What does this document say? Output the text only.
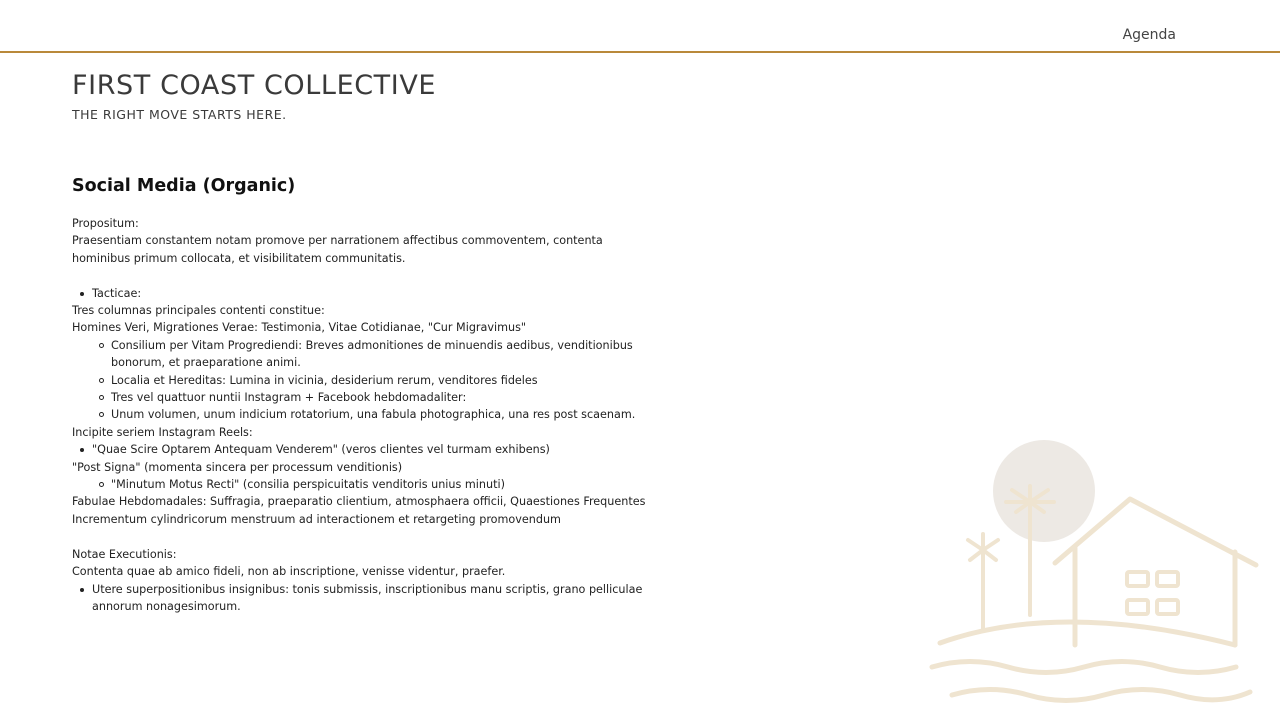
Agenda
FIRST COAST COLLECTIVE

THE RIGHT MOVE STARTS HERE.

Social Media (Organic)

Propositum:

Praesentiam constantem notam promove per narrationem affectibus commoventem, contenta hominibus primum collocata, et visibilitatem communitatis.

Tacticae:

Tres columnas principales contenti constitue:

Homines Veri, Migrationes Verae: Testimonia, Vitae Cotidianae, "Cur Migravimus"

Consilium per Vitam Progrediendi: Breves admonitiones de minuendis aedibus, venditionibus bonorum, et praeparatione animi.
Localia et Hereditas: Lumina in vicinia, desiderium rerum, venditores fideles
Tres vel quattuor nuntii Instagram + Facebook hebdomadaliter:
Unum volumen, unum indicium rotatorium, una fabula photographica, una res post scaenam.

Incipite seriem Instagram Reels:

"Quae Scire Optarem Antequam Venderem" (veros clientes vel turmam exhibens)

"Post Signa" (momenta sincera per processum venditionis)

"Minutum Motus Recti" (consilia perspicuitatis venditoris unius minuti)

Fabulae Hebdomadales: Suffragia, praeparatio clientium, atmosphaera officii, Quaestiones Frequentes

Incrementum cylindricorum menstruum ad interactionem et retargeting promovendum

Notae Executionis:

Contenta quae ab amico fideli, non ab inscriptione, venisse videntur, praefer.

Utere superpositionibus insignibus: tonis submissis, inscriptionibus manu scriptis, grano pelliculae annorum nonagesimorum.
